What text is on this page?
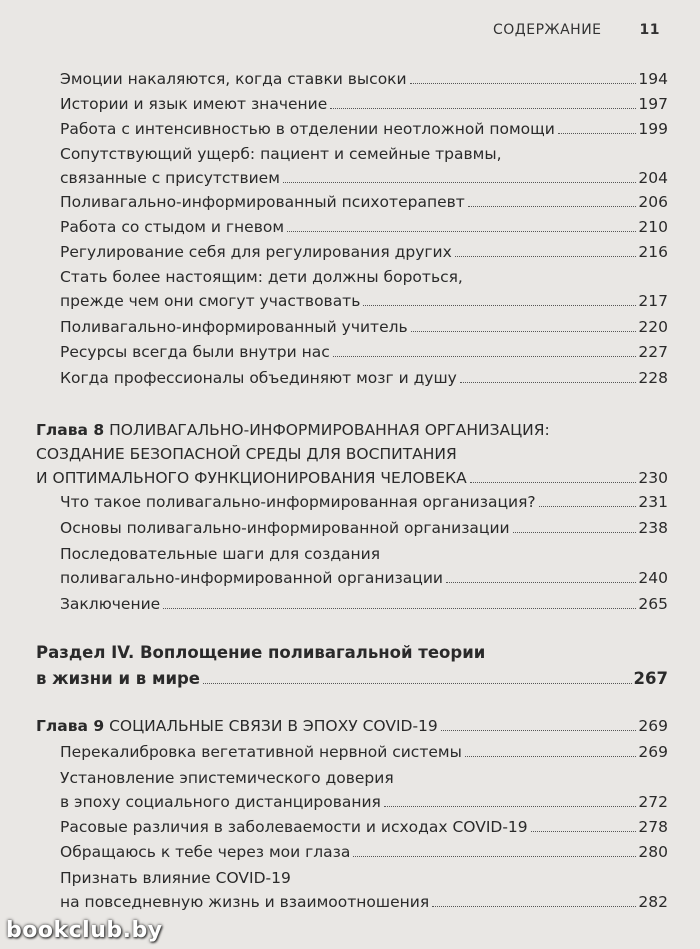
СОДЕРЖАНИЕ	11
Эмоции накаляются, когда ставки высоки	194
Истории и язык имеют значение	197
Работа с интенсивностью в отделении неотложной помощи	199
Сопутствующий ущерб: пациент и семейные травмы,
связанные с присутствием	204
Поливагально-информированный психотерапевт	206
Работа со стыдом и гневом	210
Регулирование себя для регулирования других	216
Стать более настоящим: дети должны бороться,
прежде чем они смогут участвовать	217
Поливагально-информированный учитель	220
Ресурсы всегда были внутри нас	227
Когда профессионалы объединяют мозг и душу	228
Глава 8 ПОЛИВАГАЛЬНО-ИНФОРМИРОВАННАЯ ОРГАНИЗАЦИЯ:
СОЗДАНИЕ БЕЗОПАСНОЙ СРЕДЫ ДЛЯ ВОСПИТАНИЯ
И ОПТИМАЛЬНОГО ФУНКЦИОНИРОВАНИЯ ЧЕЛОВЕКА	230
Что такое поливагально-информированная организация?	231
Основы поливагально-информированной организации	238
Последовательные шаги для создания
поливагально-информированной организации	240
Заключение	265
Раздел IV. Воплощение поливагальной теории
в жизни и в мире	267
Глава 9 СОЦИАЛЬНЫЕ СВЯЗИ В ЭПОХУ COVID-19	269
Перекалибровка вегетативной нервной системы	269
Установление эпистемического доверия
в эпоху социального дистанцирования	272
Расовые различия в заболеваемости и исходах COVID-19	278
Обращаюсь к тебе через мои глаза	280
Признать влияние COVID-19
на повседневную жизнь и взаимоотношения	282
bookclub.by
